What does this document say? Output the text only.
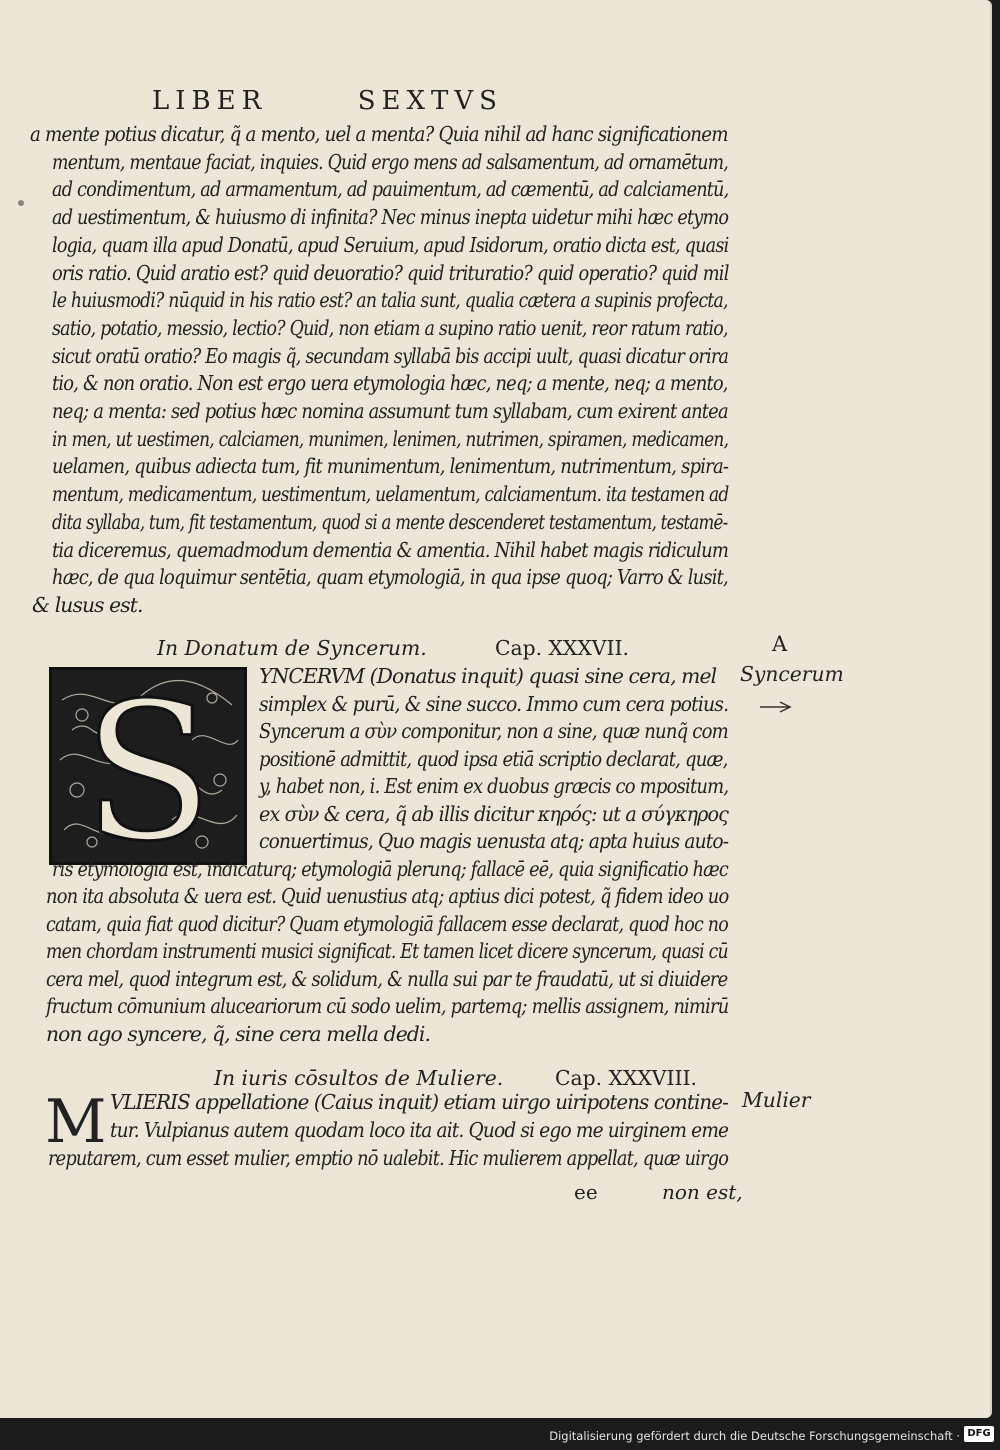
LIBER	SEXTVS
a mente potius dicatur, q̃ a mento, uel a menta? Quia nihil ad hanc significationem
mentum, mentaue faciat, inquies. Quid ergo mens ad salsamentum, ad ornamētum,
ad condimentum, ad armamentum, ad pauimentum, ad cæmentū, ad calciamentū,
ad uestimentum, & huiusmo di infinita? Nec minus inepta uidetur mihi hæc etymo
logia, quam illa apud Donatū, apud Seruium, apud Isidorum, oratio dicta est, quasi
oris ratio. Quid aratio est? quid deuoratio? quid trituratio? quid operatio? quid mil
le huiusmodi? nūquid in his ratio est? an talia sunt, qualia cætera a supinis profecta,
satio, potatio, messio, lectio? Quid, non etiam a supino ratio uenit, reor ratum ratio,
sicut oratū oratio? Eo magis q̃, secundam syllabā bis accipi uult, quasi dicatur orira
tio, & non oratio. Non est ergo uera etymologia hæc, neq; a mente, neq; a mento,
neq; a menta: sed potius hæc nomina assumunt tum syllabam, cum exirent antea
in men, ut uestimen, calciamen, munimen, lenimen, nutrimen, spiramen, medicamen,
uelamen, quibus adiecta tum, fit munimentum, lenimentum, nutrimentum, spira-
mentum, medicamentum, uestimentum, uelamentum, calciamentum. ita testamen ad
dita syllaba, tum, fit testamentum, quod si a mente descenderet testamentum, testamē-
tia diceremus, quemadmodum dementia & amentia. Nihil habet magis ridiculum
hæc, de qua loquimur sentētia, quam etymologiā, in qua ipse quoq; Varro & lusit,
& lusus est.
In Donatum de Syncerum.	Cap. XXXVII.	A
Syncerum
S YNCERVM (Donatus inquit) quasi sine cera, mel
simplex & purū, & sine succo. Immo cum cera potius.
Syncerum a σὺν componitur, non a sine, quæ nunq̃ com
positionē admittit, quod ipsa etiā scriptio declarat, quæ,
y, habet non, i. Est enim ex duobus græcis co mpositum,
ex σὺν & cera, q̃ ab illis dicitur κηρός: ut a σύγκηρος
conuertimus, Quo magis uenusta atq; apta huius auto-
ris etymologia est, indicaturq; etymologiā plerunq; fallacē eē, quia significatio hæc
non ita absoluta & uera est. Quid uenustius atq; aptius dici potest, q̃ fidem ideo uo
catam, quia fiat quod dicitur? Quam etymologiā fallacem esse declarat, quod hoc no
men chordam instrumenti musici significat. Et tamen licet dicere syncerum, quasi cū
cera mel, quod integrum est, & solidum, & nulla sui par te fraudatū, ut si diuidere
fructum cōmunium aluceariorum cū sodo uelim, partemq; mellis assignem, nimirū
non ago syncere, q̃, sine cera mella dedi.
In iuris cōsultos de Muliere.	Cap. XXXVIII.
Mulier
M VLIERIS appellatione (Caius inquit) etiam uirgo uiripotens contine-
tur. Vulpianus autem quodam loco ita ait. Quod si ego me uirginem eme
reputarem, cum esset mulier, emptio nō ualebit. Hic mulierem appellat, quæ uirgo
ee	non est,
Digitalisierung gefördert durch die Deutsche Forschungsgemeinschaft · DFG
